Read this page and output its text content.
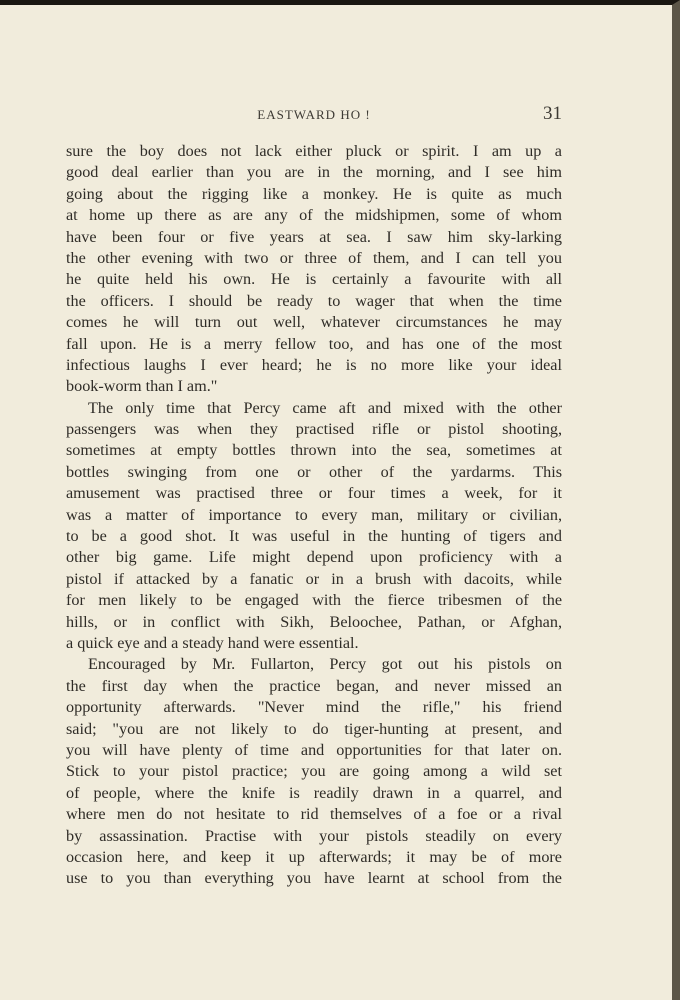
EASTWARD HO !	31
sure the boy does not lack either pluck or spirit. I am up a
good deal earlier than you are in the morning, and I see him
going about the rigging like a monkey. He is quite as much
at home up there as are any of the midshipmen, some of whom
have been four or five years at sea. I saw him sky-larking
the other evening with two or three of them, and I can tell you
he quite held his own. He is certainly a favourite with all
the officers. I should be ready to wager that when the time
comes he will turn out well, whatever circumstances he may
fall upon. He is a merry fellow too, and has one of the most
infectious laughs I ever heard; he is no more like your ideal
book-worm than I am."
The only time that Percy came aft and mixed with the other
passengers was when they practised rifle or pistol shooting,
sometimes at empty bottles thrown into the sea, sometimes at
bottles swinging from one or other of the yardarms. This
amusement was practised three or four times a week, for it
was a matter of importance to every man, military or civilian,
to be a good shot. It was useful in the hunting of tigers and
other big game. Life might depend upon proficiency with a
pistol if attacked by a fanatic or in a brush with dacoits, while
for men likely to be engaged with the fierce tribesmen of the
hills, or in conflict with Sikh, Beloochee, Pathan, or Afghan,
a quick eye and a steady hand were essential.
Encouraged by Mr. Fullarton, Percy got out his pistols on
the first day when the practice began, and never missed an
opportunity afterwards. "Never mind the rifle," his friend
said; "you are not likely to do tiger-hunting at present, and
you will have plenty of time and opportunities for that later on.
Stick to your pistol practice; you are going among a wild set
of people, where the knife is readily drawn in a quarrel, and
where men do not hesitate to rid themselves of a foe or a rival
by assassination. Practise with your pistols steadily on every
occasion here, and keep it up afterwards; it may be of more
use to you than everything you have learnt at school from the
